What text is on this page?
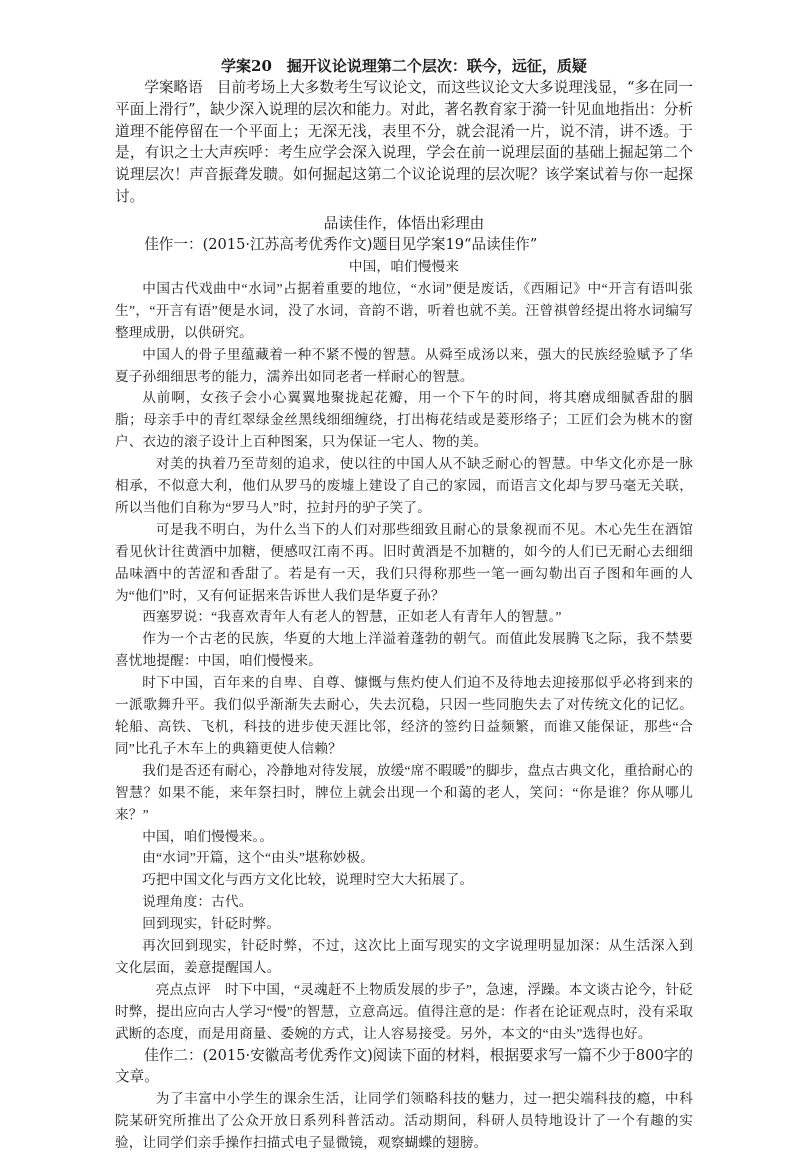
学案20　掘开议论说理第二个层次：联今，远征，质疑

学案略语 目前考场上大多数考生写议论文，而这些议论文大多说理浅显，“多在同一平面上滑行”，缺少深入说理的层次和能力。对此，著名教育家于漪一针见血地指出：分析道理不能停留在一个平面上；无深无浅，表里不分，就会混淆一片，说不清，讲不透。于是，有识之士大声疾呼：考生应学会深入说理，学会在前一说理层面的基础上掘起第二个说理层次！声音振聋发聩。如何掘起这第二个议论说理的层次呢？该学案试着与你一起探讨。

品读佳作，体悟出彩理由

佳作一：(2015·江苏高考优秀作文)题目见学案19“品读佳作”

中国，咱们慢慢来

中国古代戏曲中“水词”占据着重要的地位，“水词”便是废话，《西厢记》中“开言有语叫张生”，“开言有语”便是水词，没了水词，音韵不谐，听着也就不美。汪曾祺曾经提出将水词编写整理成册，以供研究。

中国人的骨子里蕴藏着一种不紧不慢的智慧。从舜至成汤以来，强大的民族经验赋予了华夏子孙细细思考的能力，濡养出如同老者一样耐心的智慧。

从前啊，女孩子会小心翼翼地聚拢起花瓣，用一个下午的时间，将其磨成细腻香甜的胭脂；母亲手中的青红翠绿金丝黑线细细缠绕，打出梅花结或是菱形络子；工匠们会为桃木的窗户、衣边的滚子设计上百种图案，只为保证一宅人、物的美。

对美的执着乃至苛刻的追求，使以往的中国人从不缺乏耐心的智慧。中华文化亦是一脉相承，不似意大利，他们从罗马的废墟上建设了自己的家园，而语言文化却与罗马毫无关联，所以当他们自称为“罗马人”时，拉封丹的驴子笑了。

可是我不明白，为什么当下的人们对那些细致且耐心的景象视而不见。木心先生在酒馆看见伙计往黄酒中加糖，便感叹江南不再。旧时黄酒是不加糖的，如今的人们已无耐心去细细品味酒中的苦涩和香甜了。若是有一天，我们只得称那些一笔一画勾勒出百子图和年画的人为“他们”时，又有何证据来告诉世人我们是华夏子孙？

西塞罗说：“我喜欢青年人有老人的智慧，正如老人有青年人的智慧。”

作为一个古老的民族，华夏的大地上洋溢着蓬勃的朝气。而值此发展腾飞之际，我不禁要喜忧地提醒：中国，咱们慢慢来。

时下中国，百年来的自卑、自尊、慷慨与焦灼使人们迫不及待地去迎接那似乎必将到来的一派歌舞升平。我们似乎渐渐失去耐心，失去沉稳，只因一些同胞失去了对传统文化的记忆。轮船、高铁、飞机，科技的进步使天涯比邻，经济的签约日益频繁，而谁又能保证，那些“合同”比孔子木车上的典籍更使人信赖？

我们是否还有耐心，冷静地对待发展，放缓“席不暇暖”的脚步，盘点古典文化，重拾耐心的智慧？如果不能，来年祭扫时，牌位上就会出现一个和蔼的老人，笑问：“你是谁？你从哪儿来？”

中国，咱们慢慢来。。

由“水词”开篇，这个“由头”堪称妙极。

巧把中国文化与西方文化比较，说理时空大大拓展了。

说理角度：古代。

回到现实，针砭时弊。

再次回到现实，针砭时弊，不过，这次比上面写现实的文字说理明显加深：从生活深入到文化层面，姜意提醒国人。

亮点点评 时下中国，“灵魂赶不上物质发展的步子”，急速，浮躁。本文谈古论今，针砭时弊，提出应向古人学习“慢”的智慧，立意高远。值得注意的是：作者在论证观点时，没有采取武断的态度，而是用商量、委婉的方式，让人容易接受。另外，本文的“由头”选得也好。

佳作二：(2015·安徽高考优秀作文)阅读下面的材料，根据要求写一篇不少于800字的文章。

为了丰富中小学生的课余生活，让同学们领略科技的魅力，过一把尖端科技的瘾，中科院某研究所推出了公众开放日系列科普活动。活动期间，科研人员特地设计了一个有趣的实验，让同学们亲手操作扫描式电子显微镜，观察蝴蝶的翅膀。
